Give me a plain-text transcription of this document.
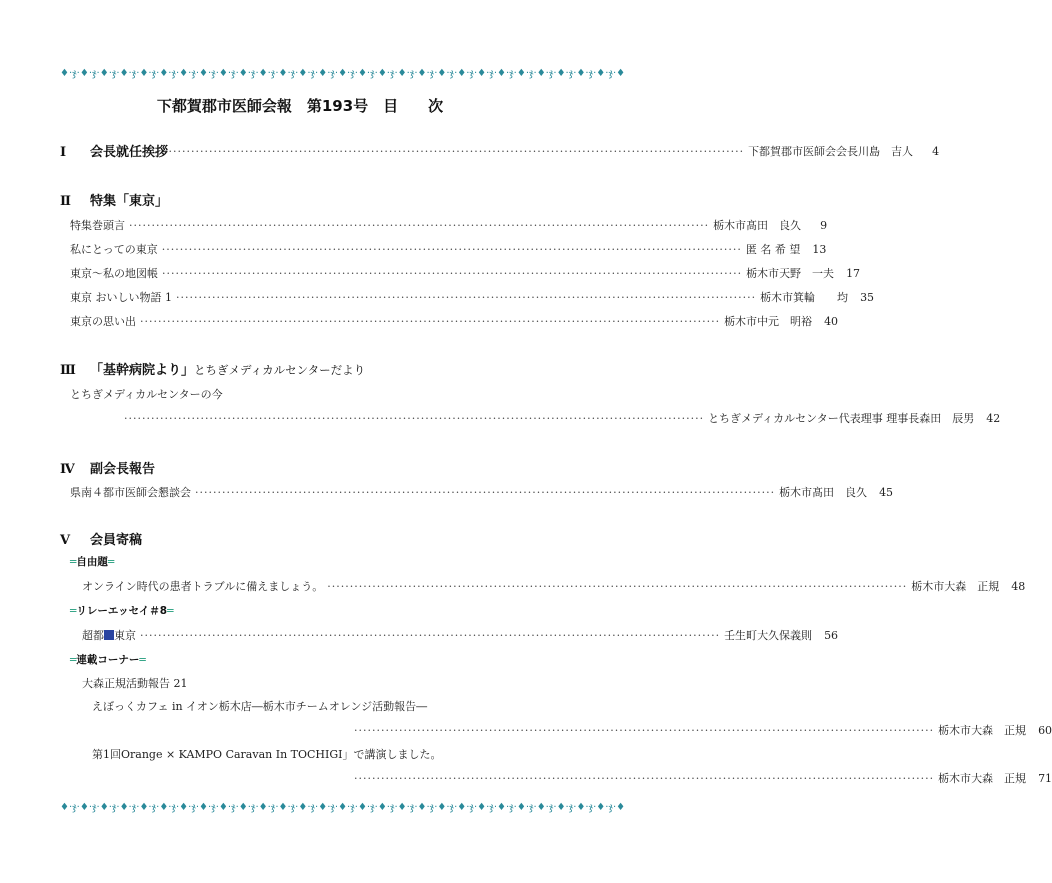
♦·ჯ·♦·ჯ·♦·ჯ·♦·ჯ·♦·ჯ·♦·ჯ·♦·ჯ·♦·ჯ·♦·ჯ·♦·ჯ·♦·ჯ·♦·ჯ·♦·ჯ·♦·ჯ·♦·ჯ·♦·ჯ·♦·ჯ·♦·ჯ·♦·ჯ·♦·ჯ·♦·ჯ·♦·ჯ·♦·ჯ·♦·ჯ·♦·ჯ·♦·ჯ·♦·ჯ·♦·ჯ·♦
下都賀郡市医師会報　第193号　目　　次
Ⅰ 会長就任挨拶
································································································································· 下都賀郡市医師会会長 川島　吉人	4
Ⅱ 特集「東京」
特集巻頭言 ································································································································· 栃木市 髙田　良久	9
私にとっての東京 ································································································································· 匿 名 希 望	13
東京～私の地図帳 ································································································································· 栃木市 天野　一夫	17
東京 おいしい物語 1 ································································································································· 栃木市 箕輪　　均	35
東京の思い出 ································································································································· 栃木市 中元　明裕	40
Ⅲ 「基幹病院より」とちぎメディカルセンターだより
とちぎメディカルセンターの今
································································································································· とちぎメディカルセンター代表理事 理事長 森田　辰男	42
Ⅳ 副会長報告
県南４都市医師会懇談会 ································································································································· 栃木市 髙田　良久	45
Ⅴ 会員寄稿
═自由題═
オンライン時代の患者トラブルに備えましょう。 ································································································································· 栃木市 大森　正規	48
═リレーエッセイ＃8═
超都 東京 ································································································································· 壬生町 大久保義則	56
═連載コーナー═
大森正規活動報告 21
えぼっくカフェ in イオン栃木店―栃木市チームオレンジ活動報告―
································································································································· 栃木市 大森　正規	60
第1回Orange × KAMPO Caravan In TOCHIGI」で講演しました。
································································································································· 栃木市 大森　正規	71
♦·ჯ·♦·ჯ·♦·ჯ·♦·ჯ·♦·ჯ·♦·ჯ·♦·ჯ·♦·ჯ·♦·ჯ·♦·ჯ·♦·ჯ·♦·ჯ·♦·ჯ·♦·ჯ·♦·ჯ·♦·ჯ·♦·ჯ·♦·ჯ·♦·ჯ·♦·ჯ·♦·ჯ·♦·ჯ·♦·ჯ·♦·ჯ·♦·ჯ·♦·ჯ·♦·ჯ·♦·ჯ·♦
